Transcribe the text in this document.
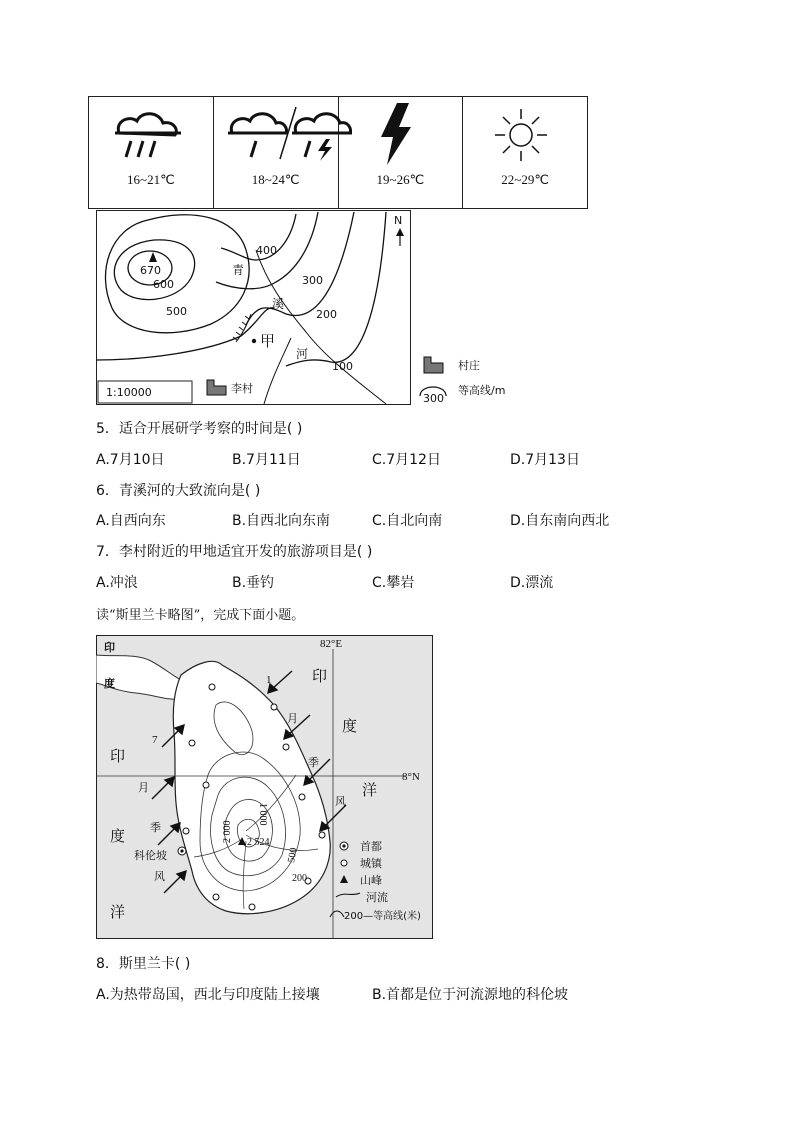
16~21℃	18~24℃	19~26℃	22~29℃
670
600
500
400
300
200
100
青
溪
河
甲
N
1:10000	李村
村庄
300
等高线/m
5．适合开展研学考察的时间是( )
A.7月10日	B.7月11日	C.7月12日	D.7月13日
6．青溪河的大致流向是( )
A.自西向东	B.自西北向东南	C.自北向南	D.自东南向西北
7．李村附近的甲地适宜开发的旅游项目是( )
A.冲浪	B.垂钓	C.攀岩	D.漂流
读“斯里兰卡略图”，完成下面小题。
82°E
8°N
印
度	印
度
洋
印
度
洋
1
月
季
风
7
月
季
风
科伦坡
2 524
1 000
2 000
500
200
首都
城镇
山峰
河流
200—等高线(米)
8．斯里兰卡( )
A.为热带岛国，西北与印度陆上接壤	B.首都是位于河流源地的科伦坡
